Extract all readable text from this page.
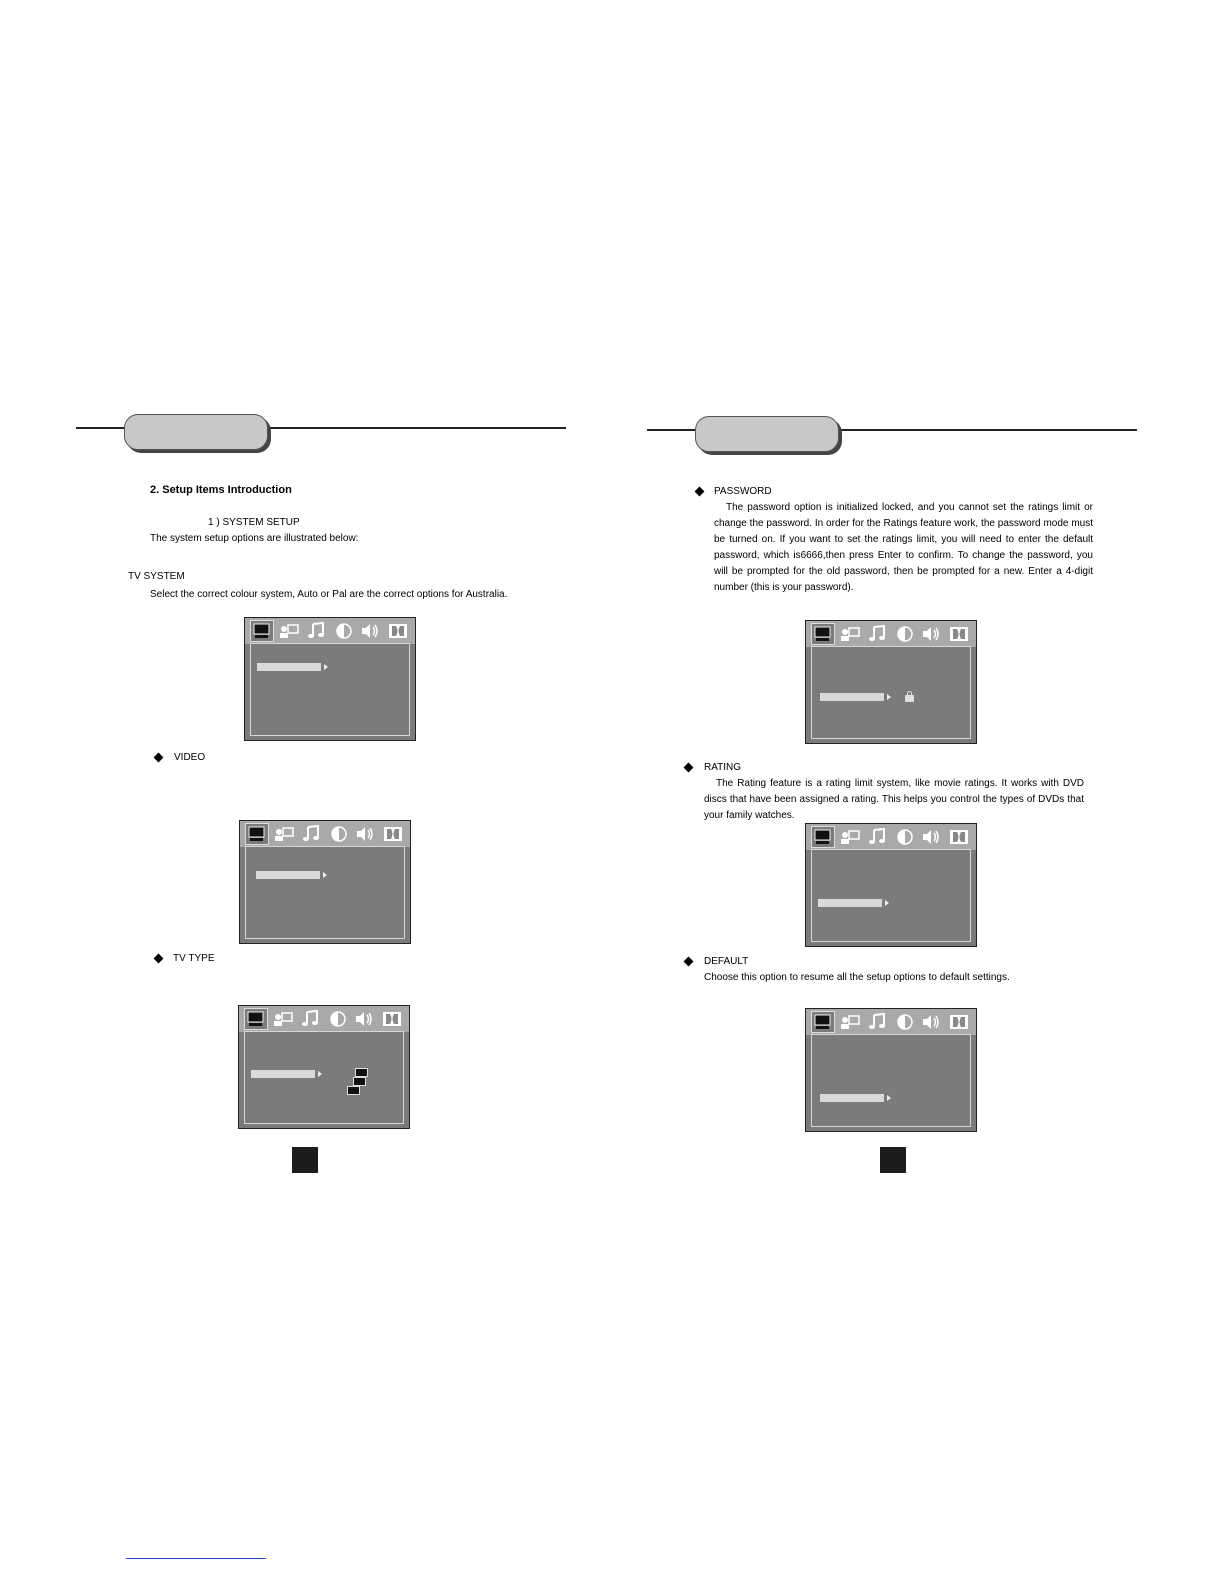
2. Setup Items Introduction
1 ) SYSTEM SETUP
The system setup options are illustrated below:
TV SYSTEM
Select the correct colour system, Auto or Pal are the correct options for Australia.
VIDEO
TV TYPE
PASSWORD
The password option is initialized locked, and you cannot set the ratings limit or change the password. In order for the Ratings feature work, the password mode must be turned on. If you want to set the ratings limit, you will need to enter the default password, which is6666,then press Enter to confirm. To change the password, you will be prompted for the old password, then be prompted for a new. Enter a 4-digit number (this is your password).
RATING
The Rating feature is a rating limit system, like movie ratings. It works with DVD discs that have been assigned a rating. This helps you control the types of DVDs that your family watches.
DEFAULT
Choose this option to resume all the setup options to default settings.
